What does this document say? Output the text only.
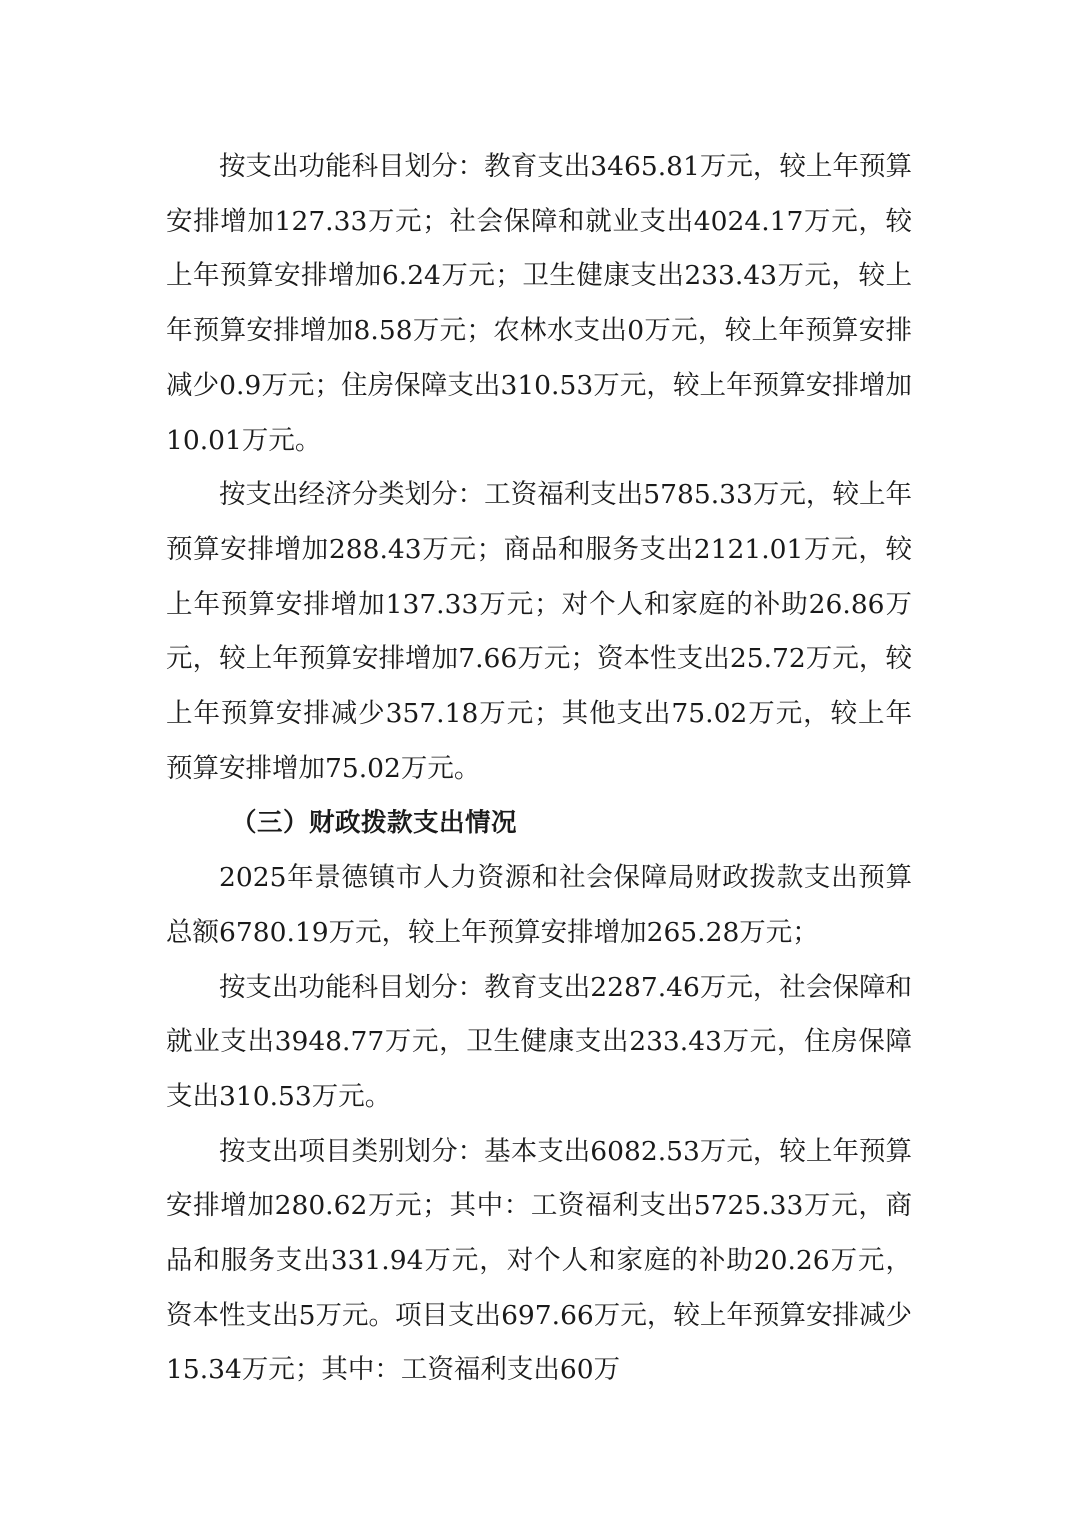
按支出功能科目划分：教育支出3465.81万元，较上年预算安排增加127.33万元；社会保障和就业支出4024.17万元，较上年预算安排增加6.24万元；卫生健康支出233.43万元，较上年预算安排增加8.58万元；农林水支出0万元，较上年预算安排减少0.9万元；住房保障支出310.53万元，较上年预算安排增加10.01万元。

按支出经济分类划分：工资福利支出5785.33万元，较上年预算安排增加288.43万元；商品和服务支出2121.01万元，较上年预算安排增加137.33万元；对个人和家庭的补助26.86万元，较上年预算安排增加7.66万元；资本性支出25.72万元，较上年预算安排减少357.18万元；其他支出75.02万元，较上年预算安排增加75.02万元。

（三）财政拨款支出情况

2025年景德镇市人力资源和社会保障局财政拨款支出预算总额6780.19万元，较上年预算安排增加265.28万元；

按支出功能科目划分：教育支出2287.46万元，社会保障和就业支出3948.77万元，卫生健康支出233.43万元，住房保障支出310.53万元。

按支出项目类别划分：基本支出6082.53万元，较上年预算安排增加280.62万元；其中：工资福利支出5725.33万元，商品和服务支出331.94万元，对个人和家庭的补助20.26万元，资本性支出5万元。项目支出697.66万元，较上年预算安排减少15.34万元；其中：工资福利支出60万
